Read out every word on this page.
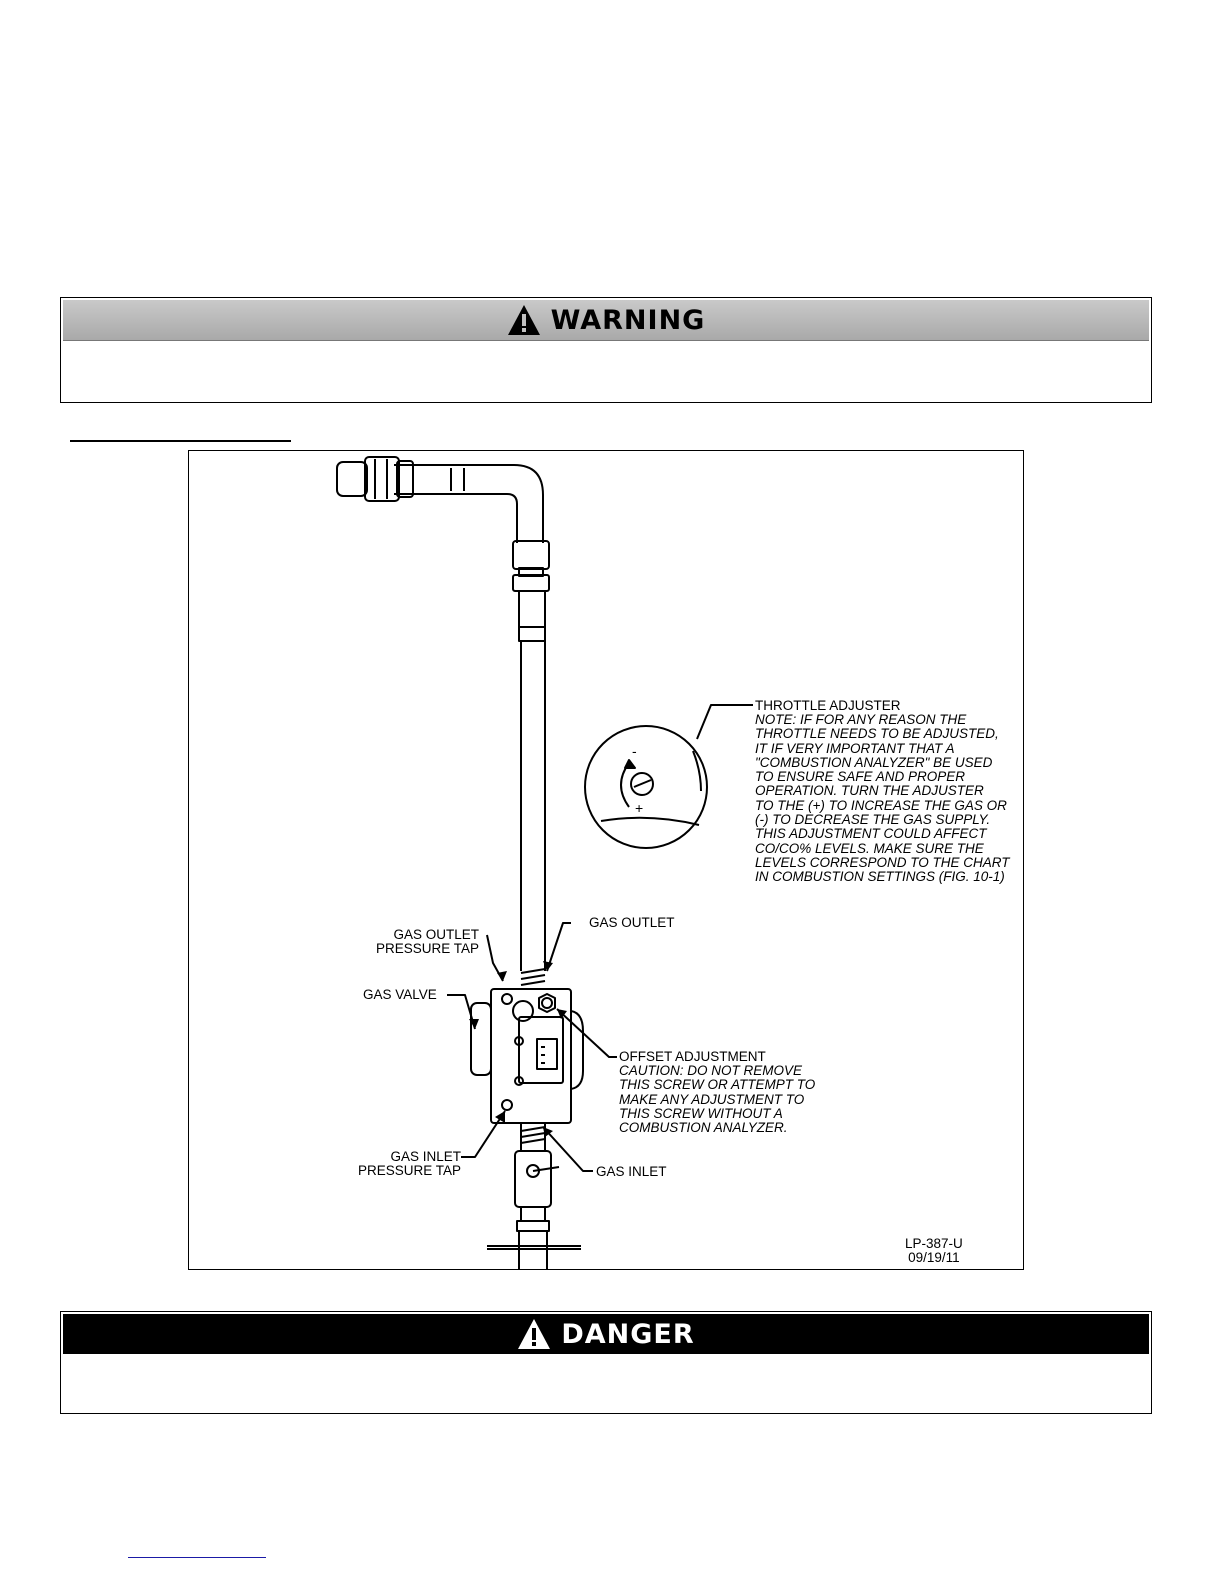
WARNING
-
+
THROTTLE ADJUSTER
NOTE: IF FOR ANY REASON THE
THROTTLE NEEDS TO BE ADJUSTED,
IT IF VERY IMPORTANT THAT A
"COMBUSTION ANALYZER" BE USED
TO ENSURE SAFE AND PROPER
OPERATION. TURN THE ADJUSTER
TO THE (+) TO INCREASE THE GAS OR
(-) TO DECREASE THE GAS SUPPLY.
THIS ADJUSTMENT COULD AFFECT
CO/CO% LEVELS. MAKE SURE THE
LEVELS CORRESPOND TO THE CHART
IN COMBUSTION SETTINGS (FIG. 10-1)
GAS OUTLET
GAS OUTLET
PRESSURE TAP
GAS VALVE
OFFSET ADJUSTMENT
CAUTION: DO NOT REMOVE
THIS SCREW OR ATTEMPT TO
MAKE ANY ADJUSTMENT TO
THIS SCREW WITHOUT A
COMBUSTION ANALYZER.
GAS INLET
PRESSURE TAP	GAS INLET
LP-387-U
09/19/11
DANGER
